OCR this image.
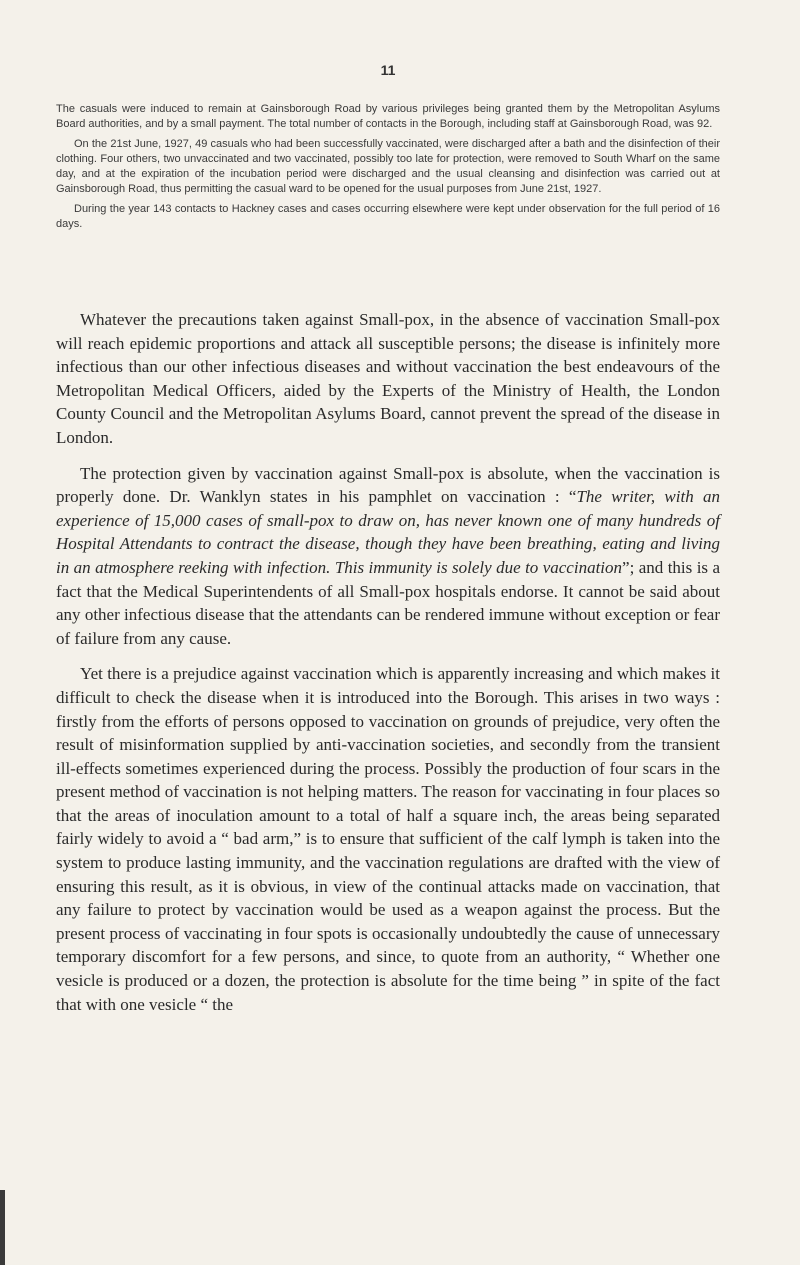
11

The casuals were induced to remain at Gainsborough Road by various privileges being granted them by the Metropolitan Asylums Board authorities, and by a small payment. The total number of contacts in the Borough, including staff at Gainsborough Road, was 92.

On the 21st June, 1927, 49 casuals who had been successfully vaccinated, were discharged after a bath and the disinfection of their clothing. Four others, two unvaccinated and two vaccinated, possibly too late for protection, were removed to South Wharf on the same day, and at the expiration of the incubation period were discharged and the usual cleansing and disinfection was carried out at Gainsborough Road, thus permitting the casual ward to be opened for the usual purposes from June 21st, 1927.

During the year 143 contacts to Hackney cases and cases occurring elsewhere were kept under observation for the full period of 16 days.

Whatever the precautions taken against Small-pox, in the absence of vaccination Small-pox will reach epidemic proportions and attack all susceptible persons; the disease is infinitely more infectious than our other infectious diseases and without vaccination the best endeavours of the Metropolitan Medical Officers, aided by the Experts of the Ministry of Health, the London County Council and the Metropolitan Asylums Board, cannot prevent the spread of the disease in London.

The protection given by vaccination against Small-pox is absolute, when the vaccination is properly done. Dr. Wanklyn states in his pamphlet on vaccination : “The writer, with an experience of 15,000 cases of small-pox to draw on, has never known one of many hundreds of Hospital Attendants to contract the disease, though they have been breathing, eating and living in an atmosphere reeking with infection. This immunity is solely due to vaccination”; and this is a fact that the Medical Superintendents of all Small-pox hospitals endorse. It cannot be said about any other infectious disease that the attendants can be rendered immune without exception or fear of failure from any cause.

Yet there is a prejudice against vaccination which is apparently increasing and which makes it difficult to check the disease when it is introduced into the Borough. This arises in two ways : firstly from the efforts of persons opposed to vaccination on grounds of prejudice, very often the result of misinformation supplied by anti-vaccination societies, and secondly from the transient ill-effects sometimes experienced during the process. Possibly the production of four scars in the present method of vaccination is not helping matters. The reason for vaccinating in four places so that the areas of inoculation amount to a total of half a square inch, the areas being separated fairly widely to avoid a “ bad arm,” is to ensure that sufficient of the calf lymph is taken into the system to produce lasting immunity, and the vaccination regulations are drafted with the view of ensuring this result, as it is obvious, in view of the continual attacks made on vaccination, that any failure to protect by vaccination would be used as a weapon against the process. But the present process of vaccinating in four spots is occasionally undoubtedly the cause of unnecessary temporary discomfort for a few persons, and since, to quote from an authority, “ Whether one vesicle is produced or a dozen, the protection is absolute for the time being ” in spite of the fact that with one vesicle “ the
